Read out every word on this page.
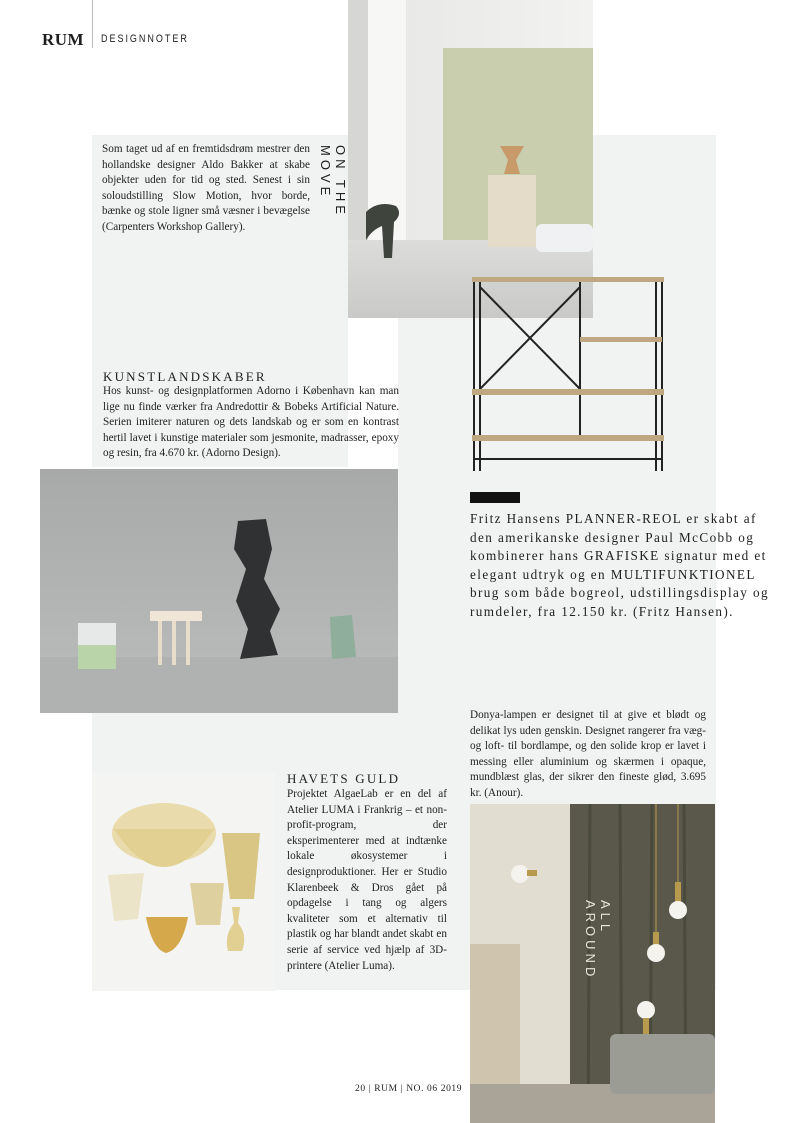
RUM DESIGNNOTER
ON THE MOVE
Som taget ud af en fremtidsdrøm mestrer den hollandske designer Aldo Bakker at skabe objekter uden for tid og sted. Senest i sin soloudstilling Slow Motion, hvor borde, bænke og stole ligner små væsner i bevægelse (Carpenters Workshop Gallery).
Fritz Hansens PLANNER-REOL er skabt af den amerikanske designer Paul McCobb og kombinerer hans GRAFISKE signatur med et elegant udtryk og en MULTIFUNKTIONEL brug som både bogreol, udstillingsdisplay og rumdeler, fra 12.150 kr. (Fritz Hansen).
KUNSTLANDSKABER
Hos kunst- og designplatformen Adorno i København kan man lige nu finde værker fra Andredottir & Bobeks Artificial Nature. Serien imiterer naturen og dets landskab og er som en kontrast hertil lavet i kunstige materialer som jesmonite, madrasser, epoxy og resin, fra 4.670 kr. (Adorno Design).
Donya-lampen er designet til at give et blødt og delikat lys uden genskin. Designet rangerer fra væg- og loft- til bordlampe, og den solide krop er lavet i messing eller aluminium og skærmen i opaque, mundblæst glas, der sikrer den fineste glød, 3.695 kr. (Anour).
ALL AROUND
HAVETS GULD
Projektet AlgaeLab er en del af Atelier LUMA i Frankrig – et non-profit-program, der eksperimenterer med at indtænke lokale økosystemer i designproduktioner. Her er Studio Klarenbeek & Dros gået på opdagelse i tang og algers kvaliteter som et alternativ til plastik og har blandt andet skabt en serie af service ved hjælp af 3D-printere (Atelier Luma).
20 | RUM | NO. 06 2019
